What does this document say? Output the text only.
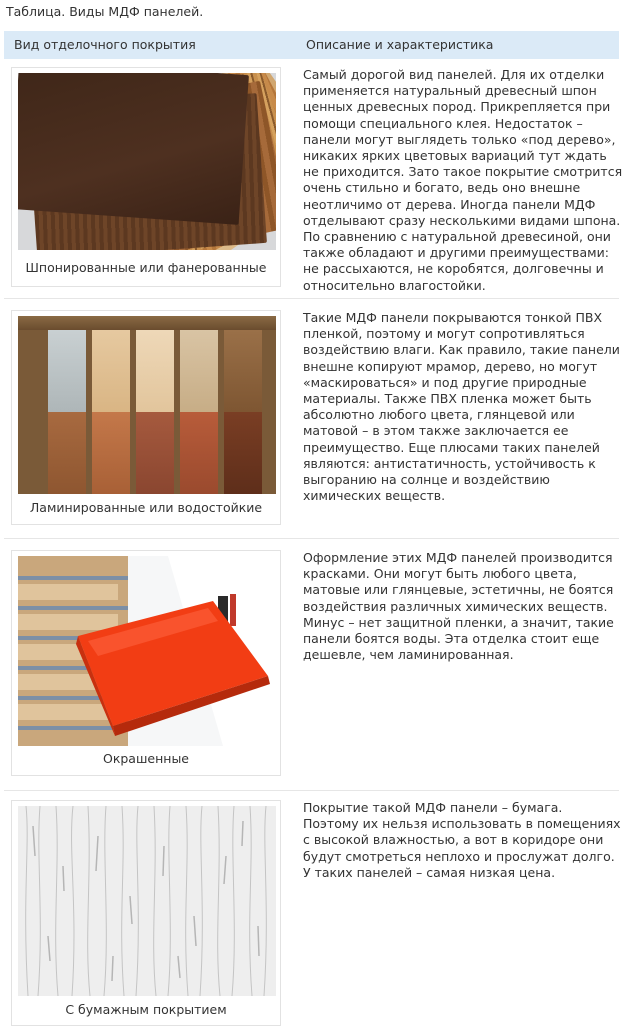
Таблица. Виды МДФ панелей.
Вид отделочного покрытия	Описание и характеристика
Шпонированные или фанерованные
Самый дорогой вид панелей. Для их отделки
применяется натуральный древесный шпон
ценных древесных пород. Прикрепляется при
помощи специального клея. Недостаток –
панели могут выглядеть только «под дерево»,
никаких ярких цветовых вариаций тут ждать
не приходится. Зато такое покрытие смотрится
очень стильно и богато, ведь оно внешне
неотличимо от дерева. Иногда панели МДФ
отделывают сразу несколькими видами шпона.
По сравнению с натуральной древесиной, они
также обладают и другими преимуществами:
не рассыхаются, не коробятся, долговечны и
относительно влагостойки.
Ламинированные или водостойкие
Такие МДФ панели покрываются тонкой ПВХ
пленкой, поэтому и могут сопротивляться
воздействию влаги. Как правило, такие панели
внешне копируют мрамор, дерево, но могут
«маскироваться» и под другие природные
материалы. Также ПВХ пленка может быть
абсолютно любого цвета, глянцевой или
матовой – в этом также заключается ее
преимущество. Еще плюсами таких панелей
являются: антистатичность, устойчивость к
выгоранию на солнце и воздействию
химических веществ.
Окрашенные
Оформление этих МДФ панелей производится
красками. Они могут быть любого цвета,
матовые или глянцевые, эстетичны, не боятся
воздействия различных химических веществ.
Минус – нет защитной пленки, а значит, такие
панели боятся воды. Эта отделка стоит еще
дешевле, чем ламинированная.
С бумажным покрытием
Покрытие такой МДФ панели – бумага.
Поэтому их нельзя использовать в помещениях
с высокой влажностью, а вот в коридоре они
будут смотреться неплохо и прослужат долго.
У таких панелей – самая низкая цена.
